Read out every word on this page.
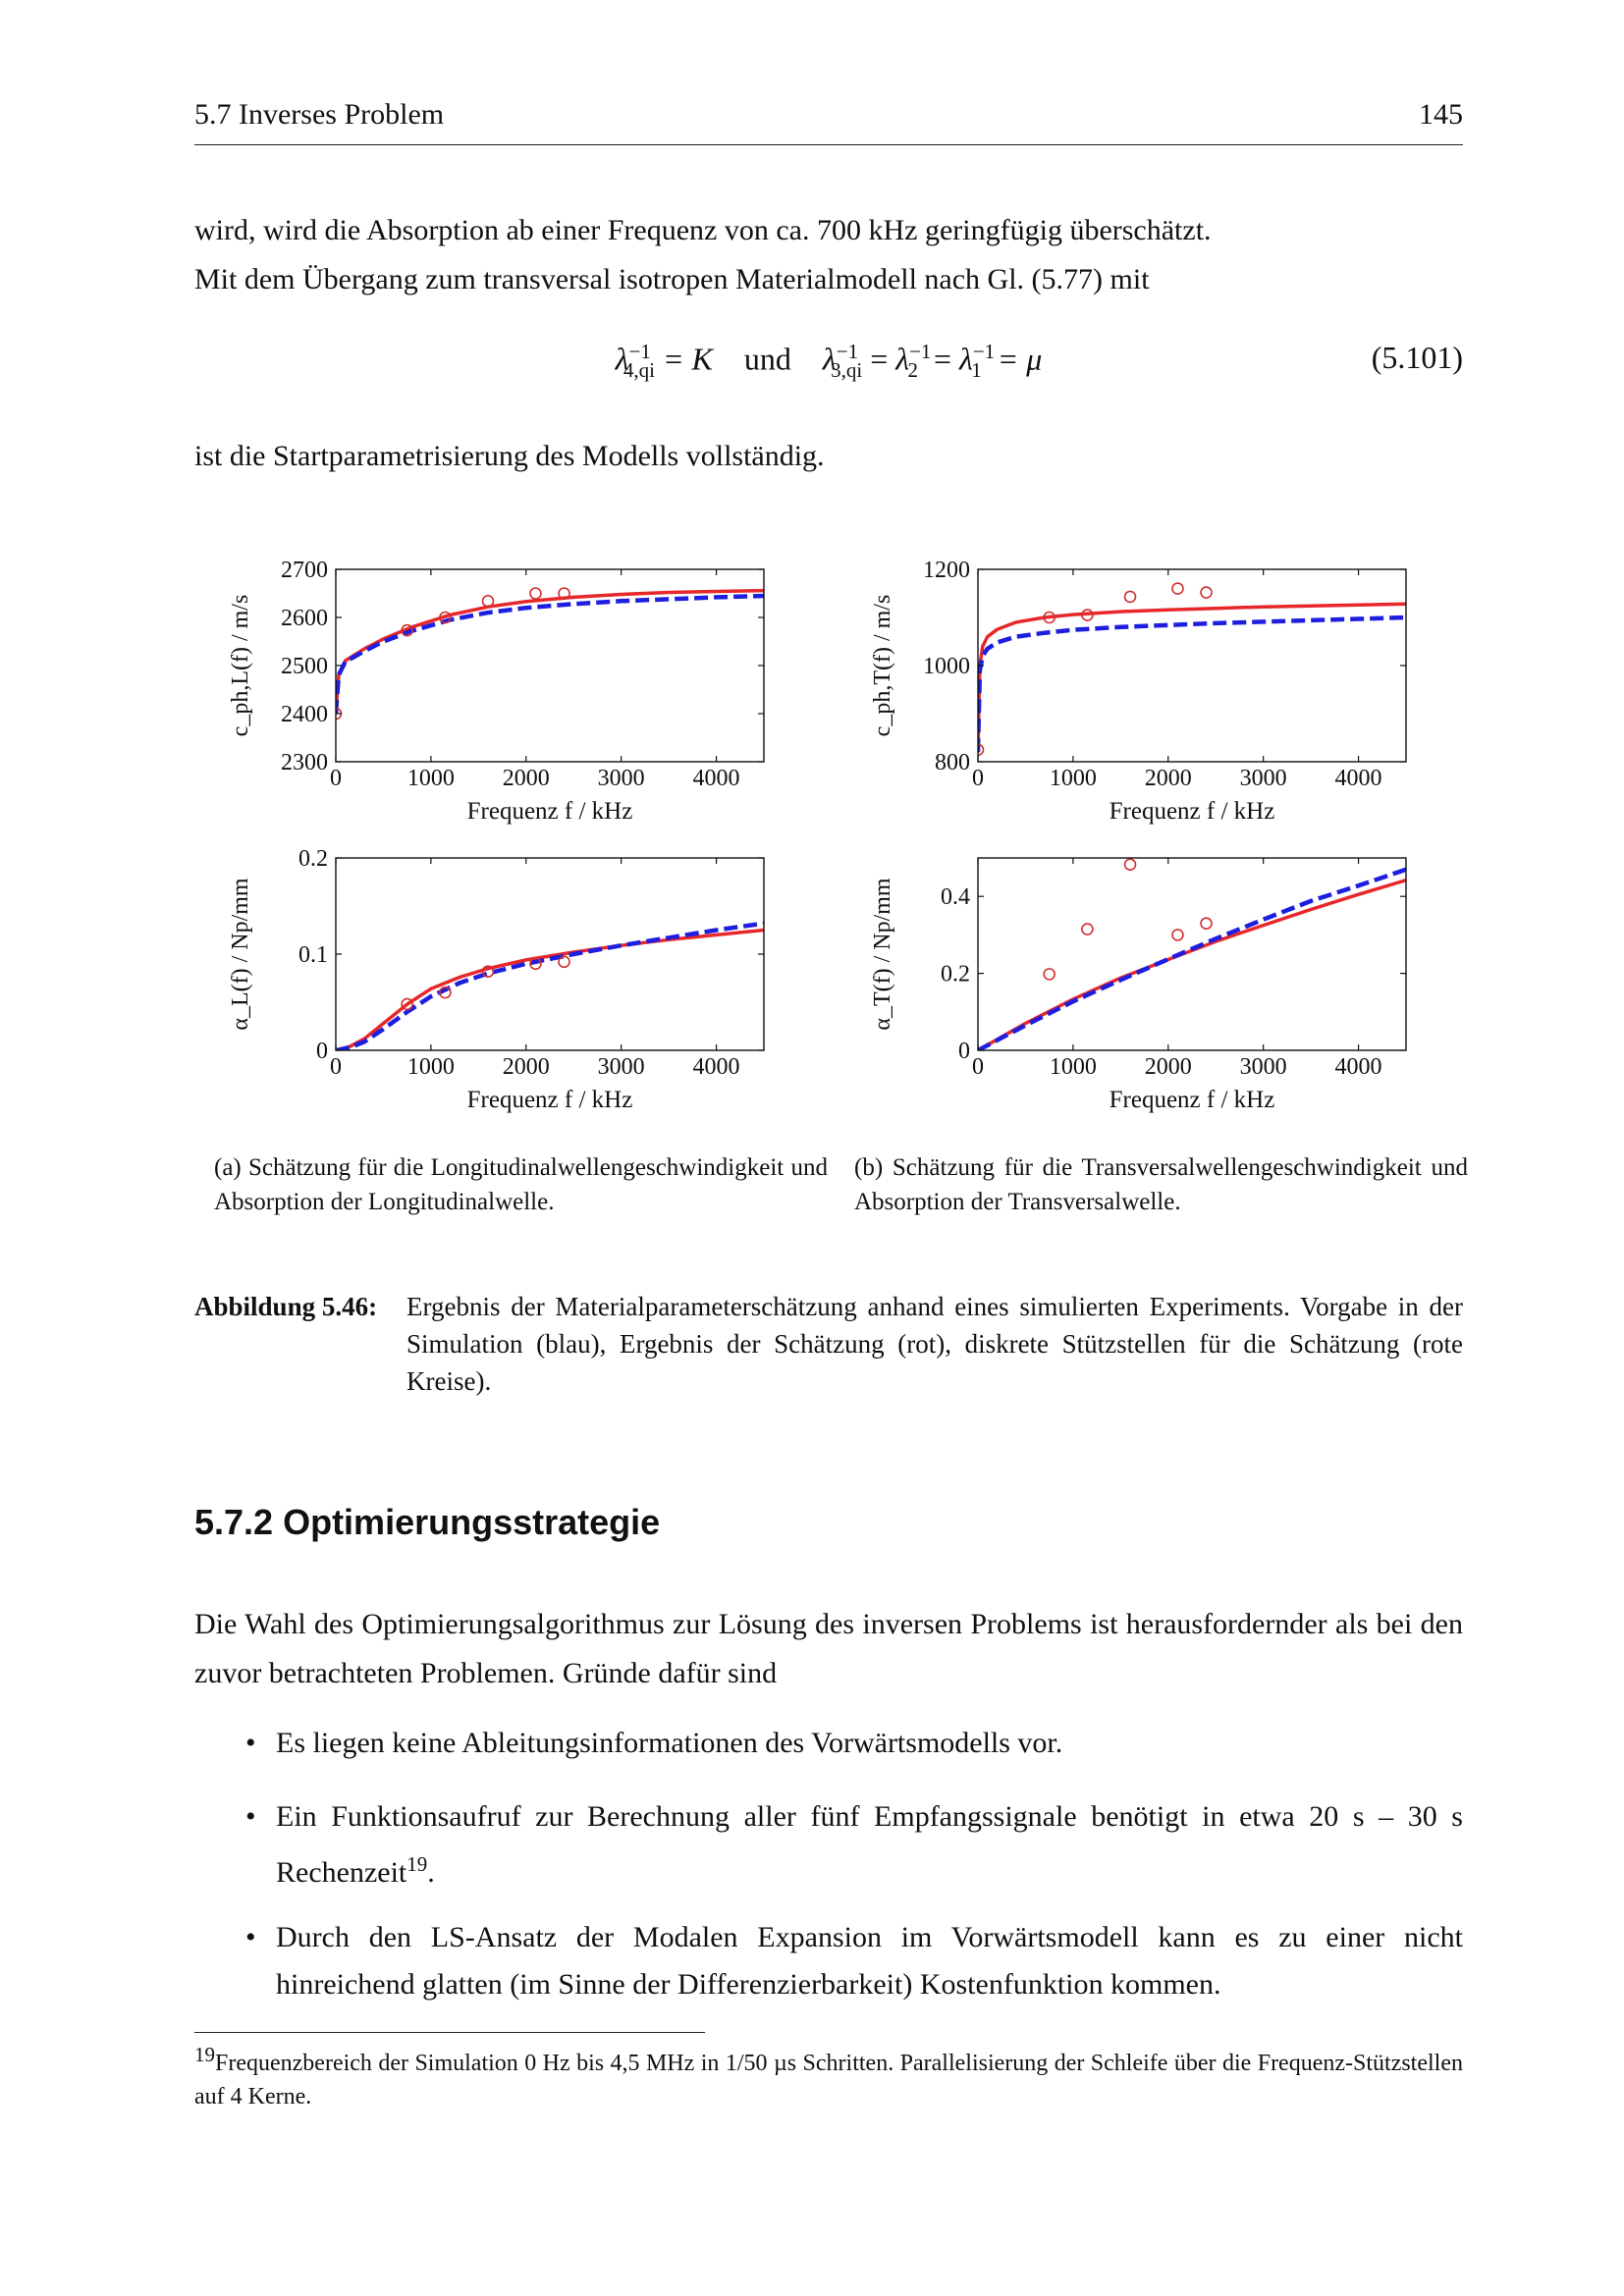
5.7 Inverses Problem	145
wird, wird die Absorption ab einer Frequenz von ca. 700 kHz geringfügig überschätzt.
Mit dem Übergang zum transversal isotropen Materialmodell nach Gl. (5.77) mit
$\lambda^{-1}_{4,qi} = K$ und $\lambda^{-1}_{3,qi} = \lambda^{-1}_2 = \lambda^{-1}_1 = \mu$	(5.101)
ist die Startparametrisierung des Modells vollständig.
0	1000 2000 3000 4000
2300
2400
2500
2600
2700
Frequenz f / kHz
c_ph,L(f) / m/s
0	1000 2000 3000 4000
800
1000
1200
Frequenz f / kHz
c_ph,T(f) / m/s
0	1000 2000 3000 4000
0
0.1
0.2
Frequenz f / kHz
α_L(f) / Np/mm
0	1000 2000 3000 4000
0
0.2
0.4
Frequenz f / kHz
α_T(f) / Np/mm
(a) Schätzung für die Longitudinalwellengeschwindigkeit und Absorption der Longitudinalwelle.
(b) Schätzung für die Transversalwellengeschwindigkeit und Absorption der Transversalwelle.
Abbildung 5.46:	Ergebnis der Materialparameterschätzung anhand eines simulierten Experiments. Vorgabe in der Simulation (blau), Ergebnis der Schätzung (rot), diskrete Stützstellen für die Schätzung (rote Kreise).
5.7.2 Optimierungsstrategie
Die Wahl des Optimierungsalgorithmus zur Lösung des inversen Problems ist herausfordernder als bei den zuvor betrachteten Problemen. Gründe dafür sind
• Es liegen keine Ableitungsinformationen des Vorwärtsmodells vor.
• Ein Funktionsaufruf zur Berechnung aller fünf Empfangssignale benötigt in etwa 20 s – 30 s Rechenzeit$^{19}$.
• Durch den LS-Ansatz der Modalen Expansion im Vorwärtsmodell kann es zu einer nicht hinreichend glatten (im Sinne der Differenzierbarkeit) Kostenfunktion kommen.
$^{19}$Frequenzbereich der Simulation 0 Hz bis 4,5 MHz in 1/50 µs Schritten. Parallelisierung der Schleife über die Frequenz-Stützstellen auf 4 Kerne.
